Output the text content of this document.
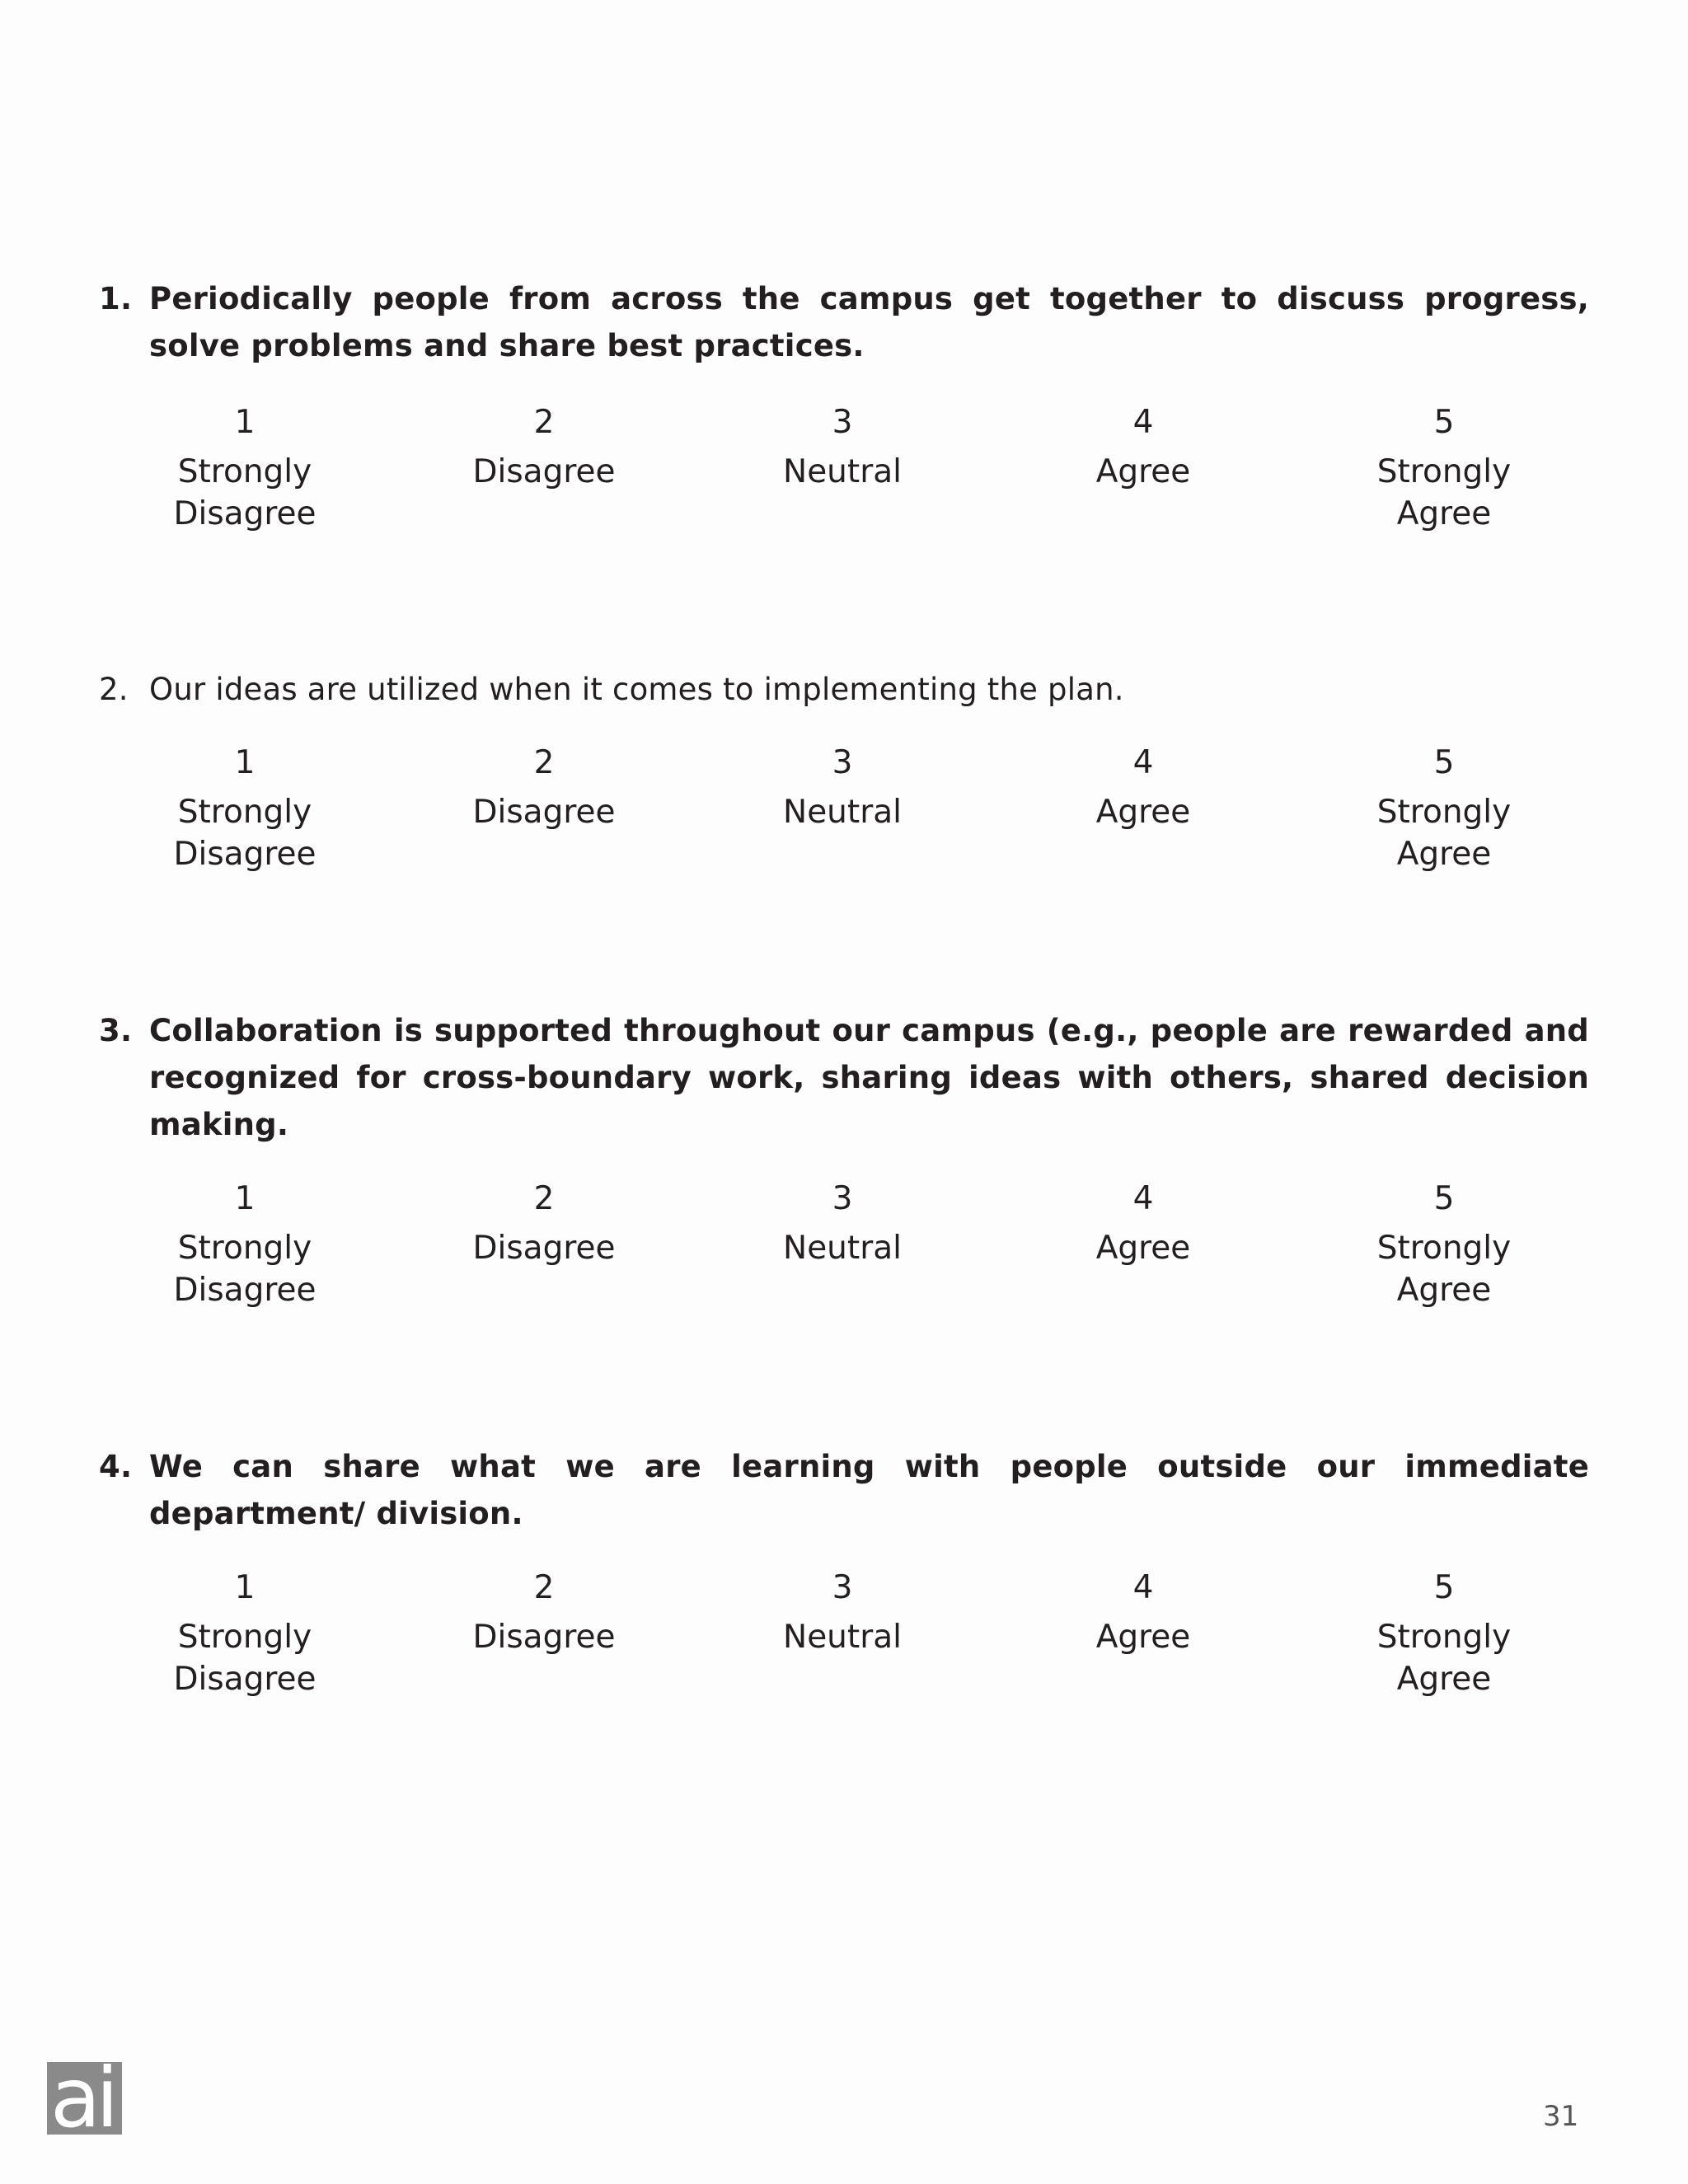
1. Periodically people from across the campus get together to discuss progress, solve problems and share best practices.
1
Strongly Disagree
2
Disagree
3
Neutral
4
Agree
5
Strongly Agree
2. Our ideas are utilized when it comes to implementing the plan.
1
Strongly Disagree
2
Disagree
3
Neutral
4
Agree
5
Strongly Agree
3. Collaboration is supported throughout our campus (e.g., people are rewarded and recognized for cross-boundary work, sharing ideas with others, shared decision making.
1
Strongly Disagree
2
Disagree
3
Neutral
4
Agree
5
Strongly Agree
4. We can share what we are learning with people outside our immediate department/ division.
1
Strongly Disagree
2
Disagree
3
Neutral
4
Agree
5
Strongly Agree
ai	31
